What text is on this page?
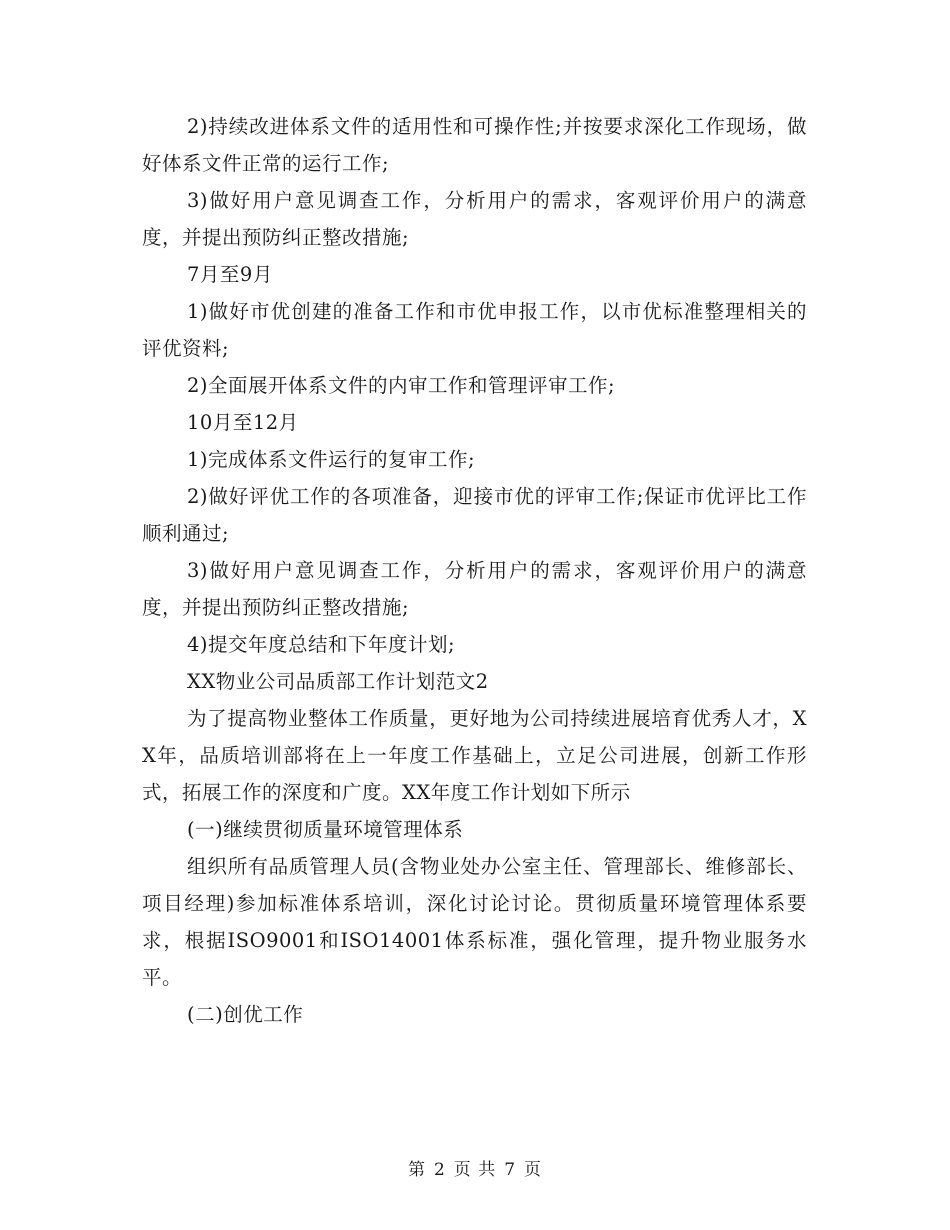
2)持续改进体系文件的适用性和可操作性;并按要求深化工作现场，做好体系文件正常的运行工作;

3)做好用户意见调查工作，分析用户的需求，客观评价用户的满意度，并提出预防纠正整改措施;

7月至9月

1)做好市优创建的准备工作和市优申报工作，以市优标准整理相关的评优资料;

2)全面展开体系文件的内审工作和管理评审工作;

10月至12月

1)完成体系文件运行的复审工作;

2)做好评优工作的各项准备，迎接市优的评审工作;保证市优评比工作顺利通过;

3)做好用户意见调查工作，分析用户的需求，客观评价用户的满意度，并提出预防纠正整改措施;

4)提交年度总结和下年度计划;

XX物业公司品质部工作计划范文2

为了提高物业整体工作质量，更好地为公司持续进展培育优秀人才，XX年，品质培训部将在上一年度工作基础上，立足公司进展，创新工作形式，拓展工作的深度和广度。XX年度工作计划如下所示

(一)继续贯彻质量环境管理体系

组织所有品质管理人员(含物业处办公室主任、管理部长、维修部长、项目经理)参加标准体系培训，深化讨论讨论。贯彻质量环境管理体系要求，根据ISO9001和ISO14001体系标准，强化管理，提升物业服务水平。

(二)创优工作

第 2 页 共 7 页
